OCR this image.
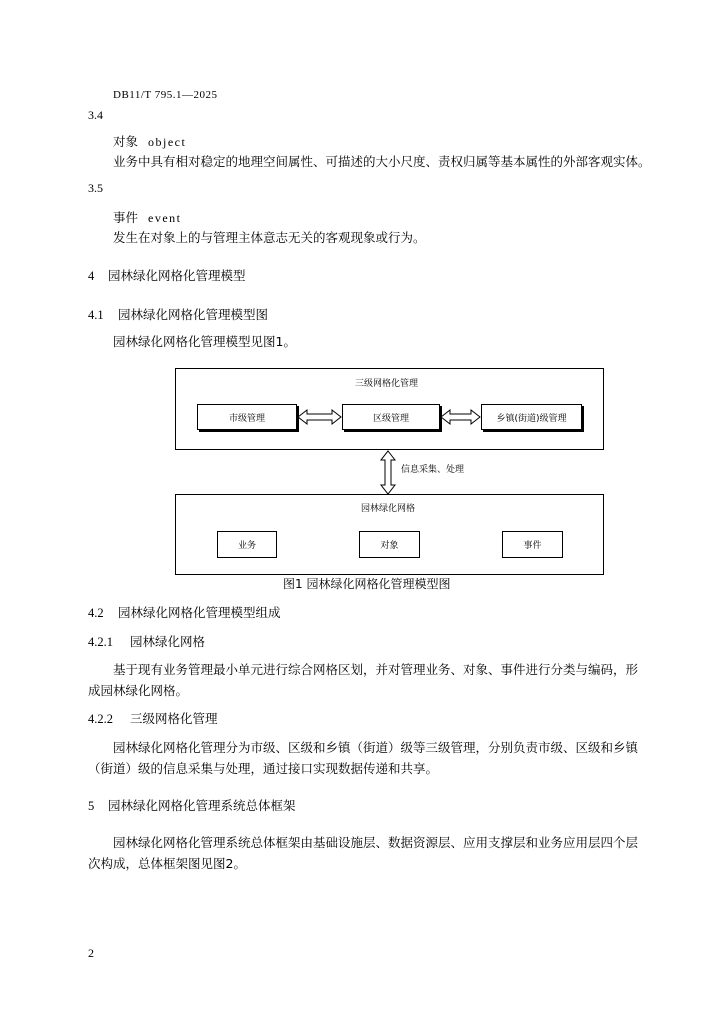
DB11/T 795.1—2025
3.4
对象 object
业务中具有相对稳定的地理空间属性、可描述的大小尺度、责权归属等基本属性的外部客观实体。
3.5
事件 event
发生在对象上的与管理主体意志无关的客观现象或行为。
4 园林绿化网格化管理模型
4.1 园林绿化网格化管理模型图
园林绿化网格化管理模型见图1。
三级网格化管理
市级管理	区级管理	乡镇(街道)级管理
信息采集、处理
园林绿化网格
业务	对象	事件
图1 园林绿化网格化管理模型图
4.2 园林绿化网格化管理模型组成
4.2.1 园林绿化网格
基于现有业务管理最小单元进行综合网格区划，并对管理业务、对象、事件进行分类与编码，形
成园林绿化网格。
4.2.2 三级网格化管理
园林绿化网格化管理分为市级、区级和乡镇（街道）级等三级管理，分别负责市级、区级和乡镇
（街道）级的信息采集与处理，通过接口实现数据传递和共享。
5 园林绿化网格化管理系统总体框架
园林绿化网格化管理系统总体框架由基础设施层、数据资源层、应用支撑层和业务应用层四个层
次构成，总体框架图见图2。
2
